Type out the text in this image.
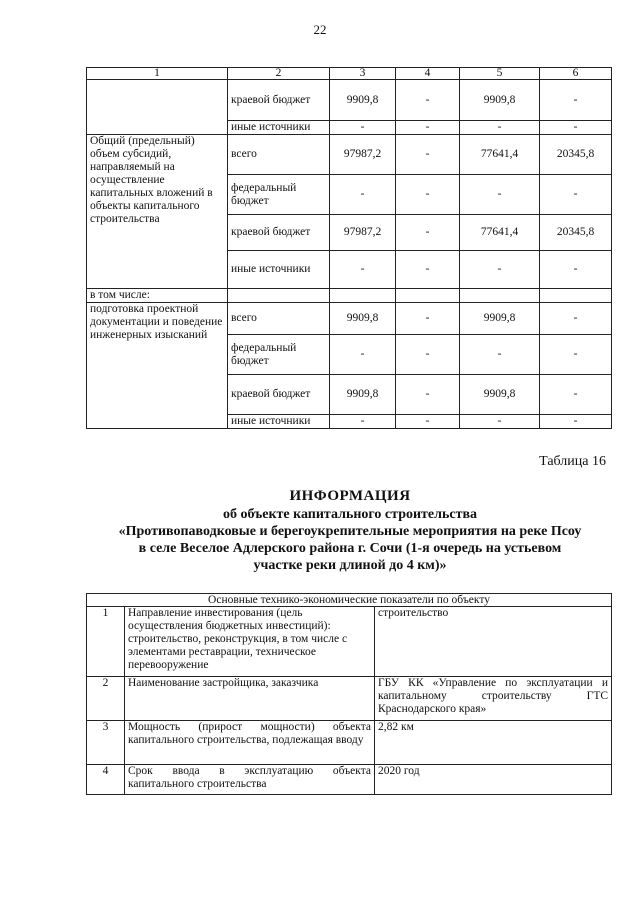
22
1	2	3	4	5	6
	краевой бюджет	9909,8	-	9909,8	-
	иные источники	-	-	-	-
Общий (предельный) объем субсидий, направляемый на осуществление капитальных вложений в объекты капитального строительства	всего	97987,2	-	77641,4	20345,8
	федеральный бюджет	-	-	-	-
	краевой бюджет	97987,2	-	77641,4	20345,8
	иные источники	-	-	-	-
в том числе:					
подготовка проектной документации и поведение инженерных изысканий	всего	9909,8	-	9909,8	-
	федеральный бюджет	-	-	-	-
	краевой бюджет	9909,8	-	9909,8	-
	иные источники	-	-	-	-
Таблица 16
ИНФОРМАЦИЯ
об объекте капитального строительства
«Противопаводковые и берегоукрепительные мероприятия на реке Псоу
в селе Веселое Адлерского района г. Сочи (1-я очередь на устьевом
участке реки длиной до 4 км)»
Основные технико-экономические показатели по объекту		
1	Направление инвестирования (цель осуществления бюджетных инвестиций): строительство, реконструкция, в том числе с элементами реставрации, техническое перевооружение	строительство
2	Наименование застройщика, заказчика	ГБУ КК «Управление по эксплуатации и капитальному строительству ГТС Краснодарского края»
3	Мощность (прирост мощности) объекта капитального строительства, подлежащая вводу	2,82 км
4	Срок ввода в эксплуатацию объекта капитального строительства	2020 год
